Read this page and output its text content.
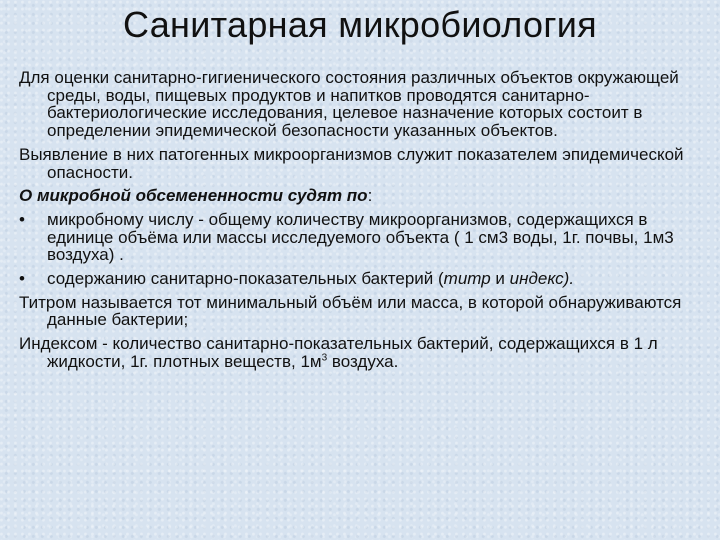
Санитарная микробиология

Для оценки санитарно-гигиенического состояния различных объектов окружающей среды, воды, пищевых продуктов и напитков проводятся санитарно-бактериологические исследования, целевое назначение которых состоит в определении эпидемической безопасности указанных объектов.

Выявление в них патогенных микроорганизмов служит показателем эпидемической опасности.

О микробной обсемененности судят по:

•	микробному числу - общему количеству микроорганизмов, содержащихся в единице объёма или массы исследуемого объекта ( 1 см3 воды, 1г. почвы, 1м3 воздуха) .
•	содержанию санитарно-показательных бактерий (титр и индекс).

Титром называется тот минимальный объём или масса, в которой обнаруживаются данные бактерии;

Индексом - количество санитарно-показательных бактерий, содержащихся в 1 л жидкости, 1г. плотных веществ, $1м^3$ воздуха.
